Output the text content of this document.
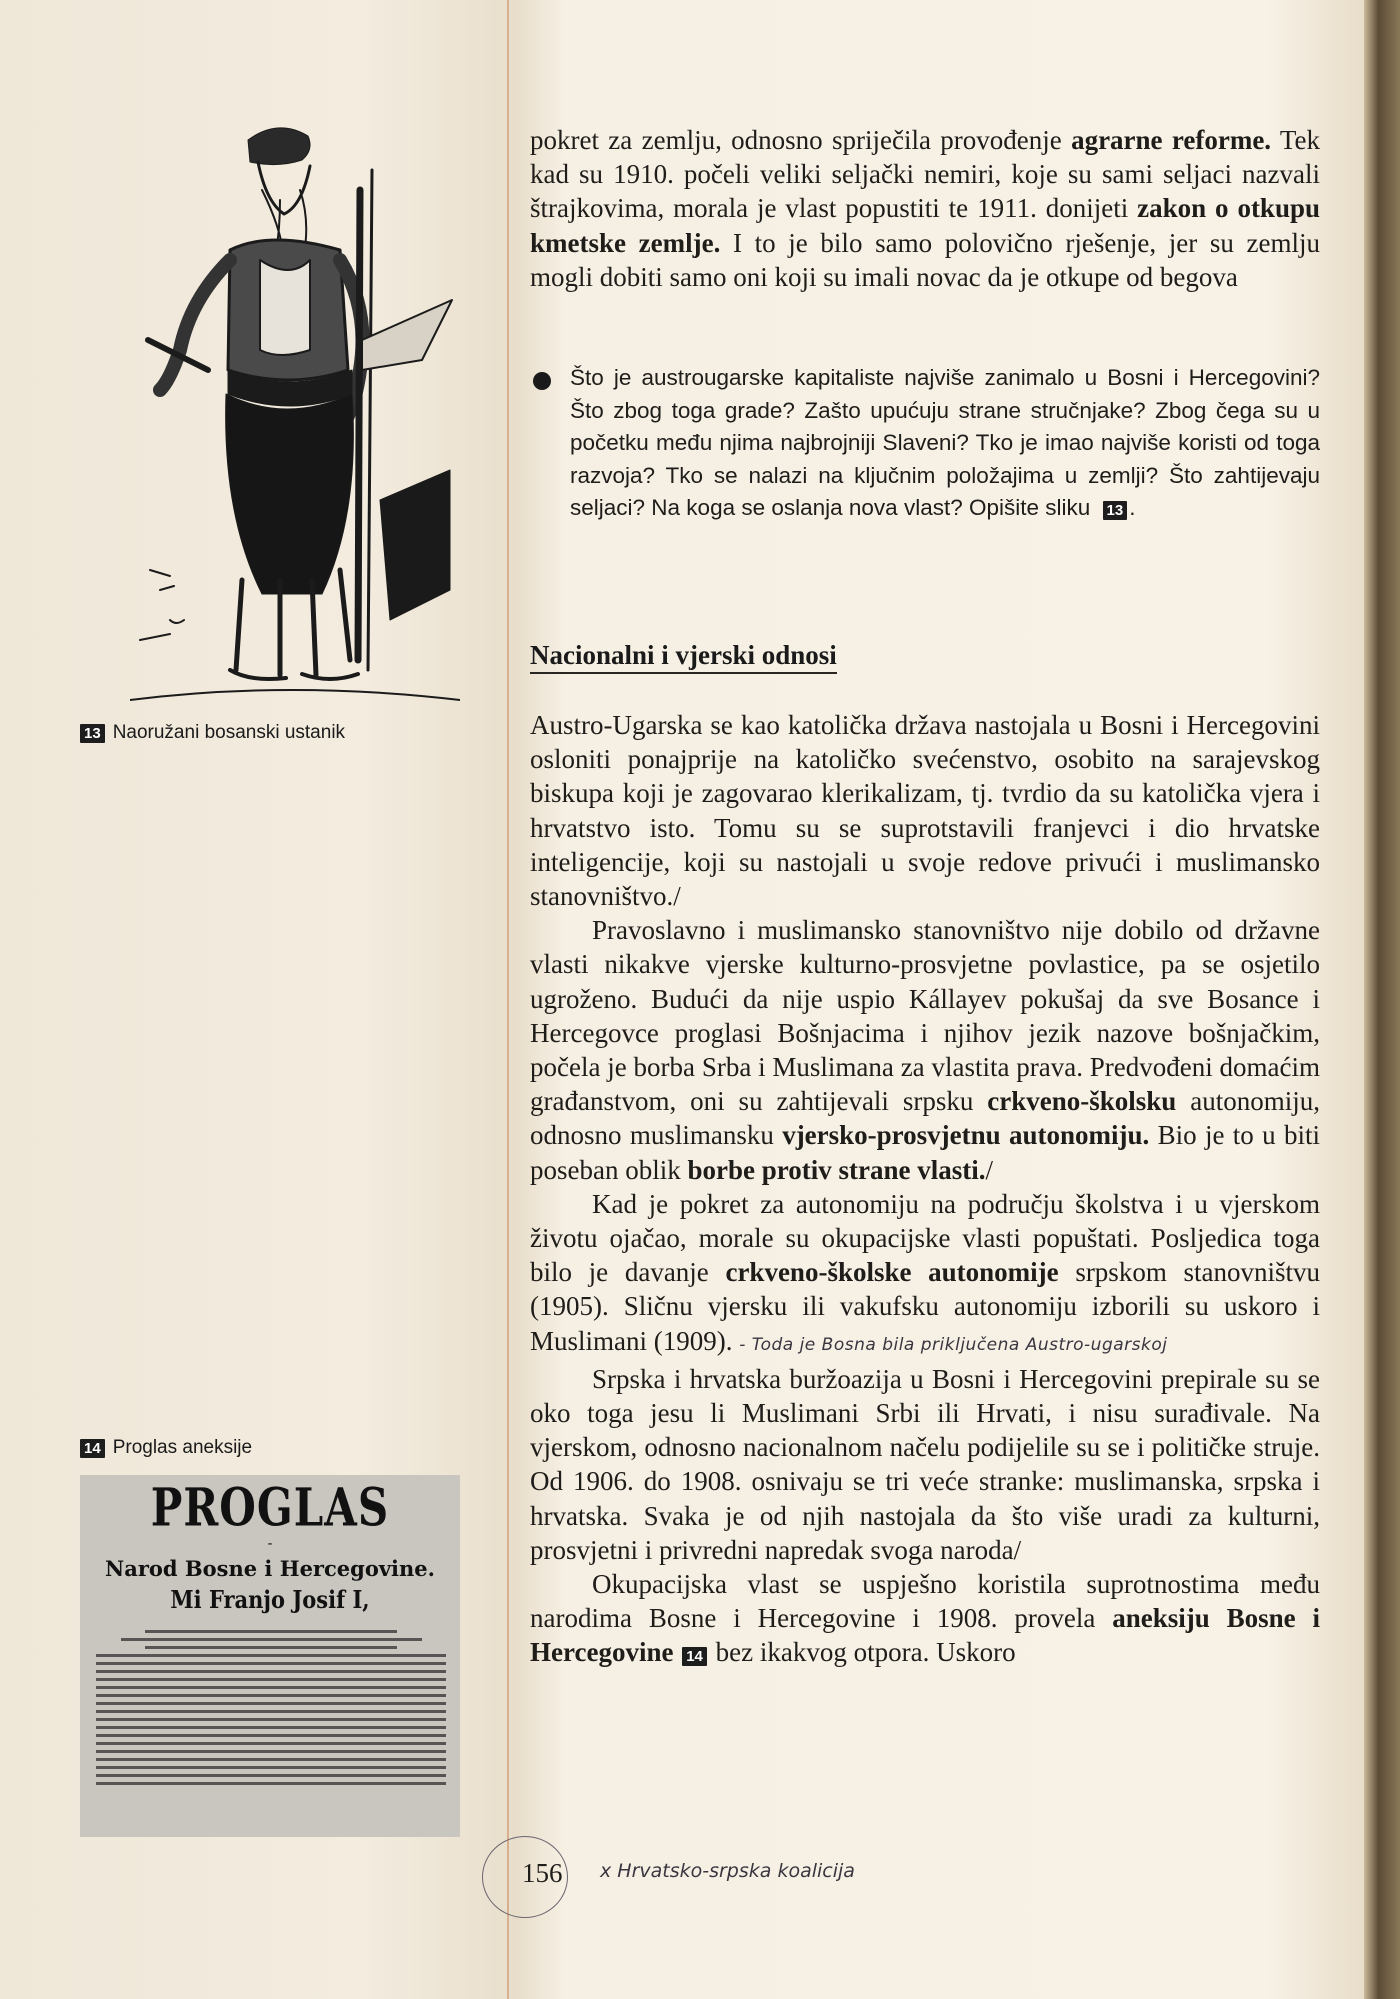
13 Naoružani bosanski ustanik
14 Proglas aneksije
PROGLAS
-
Narod Bosne i Hercegovine.
Mi Franjo Josif I,

pokret za zemlju, odnosno spriječila provođenje agrarne reforme. Tek kad su 1910. počeli veliki seljački nemiri, koje su sami seljaci nazvali štrajkovima, morala je vlast popustiti te 1911. donijeti zakon o otkupu kmetske zemlje. I to je bilo samo polovično rješenje, jer su zemlju mogli dobiti samo oni koji su imali novac da je otkupe od begova

Što je austrougarske kapitaliste najviše zanimalo u Bosni i Hercegovini? Što zbog toga grade? Zašto upućuju strane stručnjake? Zbog čega su u početku među njima najbrojniji Slaveni? Tko je imao najviše koristi od toga razvoja? Tko se nalazi na ključnim položajima u zemlji? Što zahtijevaju seljaci? Na koga se oslanja nova vlast? Opišite sliku 13 .
Nacionalni i vjerski odnosi

Austro-Ugarska se kao katolička država nastojala u Bosni i Hercegovini osloniti ponajprije na katoličko svećenstvo, osobito na sarajevskog biskupa koji je zagovarao klerikalizam, tj. tvrdio da su katolička vjera i hrvatstvo isto. Tomu su se suprotstavili franjevci i dio hrvatske inteligencije, koji su nastojali u svoje redove privući i muslimansko stanovništvo./

Pravoslavno i muslimansko stanovništvo nije dobilo od državne vlasti nikakve vjerske kulturno-prosvjetne povlastice, pa se osjetilo ugroženo. Budući da nije uspio Kállayev pokušaj da sve Bosance i Hercegovce proglasi Bošnjacima i njihov jezik nazove bošnjačkim, počela je borba Srba i Muslimana za vlastita prava. Predvođeni domaćim građanstvom, oni su zahtijevali srpsku crkveno-školsku autonomiju, odnosno muslimansku vjersko-prosvjetnu autonomiju. Bio je to u biti poseban oblik borbe protiv strane vlasti./

Kad je pokret za autonomiju na području školstva i u vjerskom životu ojačao, morale su okupacijske vlasti popuštati. Posljedica toga bilo je davanje crkveno-školske autonomije srpskom stanovništvu (1905). Sličnu vjersku ili vakufsku autonomiju izborili su uskoro i Muslimani (1909). - Toda je Bosna bila priključena Austro-ugarskoj

Srpska i hrvatska buržoazija u Bosni i Hercegovini prepirale su se oko toga jesu li Muslimani Srbi ili Hrvati, i nisu surađivale. Na vjerskom, odnosno nacionalnom načelu podijelile su se i političke struje. Od 1906. do 1908. osnivaju se tri veće stranke: muslimanska, srpska i hrvatska. Svaka je od njih nastojala da što više uradi za kulturni, prosvjetni i privredni napredak svoga naroda/

Okupacijska vlast se uspješno koristila suprotnostima među narodima Bosne i Hercegovine i 1908. provela aneksiju Bosne i Hercegovine 14 bez ikakvog otpora. Uskoro

156 x Hrvatsko-srpska koalicija
